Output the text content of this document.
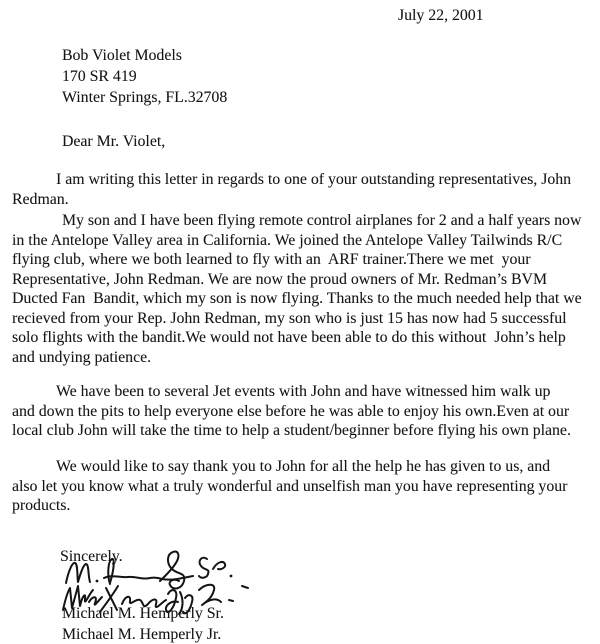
July 22, 2001
Bob Violet Models
170 SR 419
Winter Springs, FL.32708
Dear Mr. Violet,
I am writing this letter in regards to one of your outstanding representatives, John
Redman.
My son and I have been flying remote control airplanes for 2 and a half years now
in the Antelope Valley area in California. We joined the Antelope Valley Tailwinds R/C
flying club, where we both learned to fly with an  ARF trainer.There we met  your
Representative, John Redman. We are now the proud owners of Mr. Redman’s BVM
Ducted Fan  Bandit, which my son is now flying. Thanks to the much needed help that we
recieved from your Rep. John Redman, my son who is just 15 has now had 5 successful
solo flights with the bandit.We would not have been able to do this without  John’s help
and undying patience.
We have been to several Jet events with John and have witnessed him walk up
and down the pits to help everyone else before he was able to enjoy his own.Even at our
local club John will take the time to help a student/beginner before flying his own plane.
We would like to say thank you to John for all the help he has given to us, and
also let you know what a truly wonderful and unselfish man you have representing your
products.
Sincerely.
Michael M. Hemperly Sr.
Michael M. Hemperly Jr.
